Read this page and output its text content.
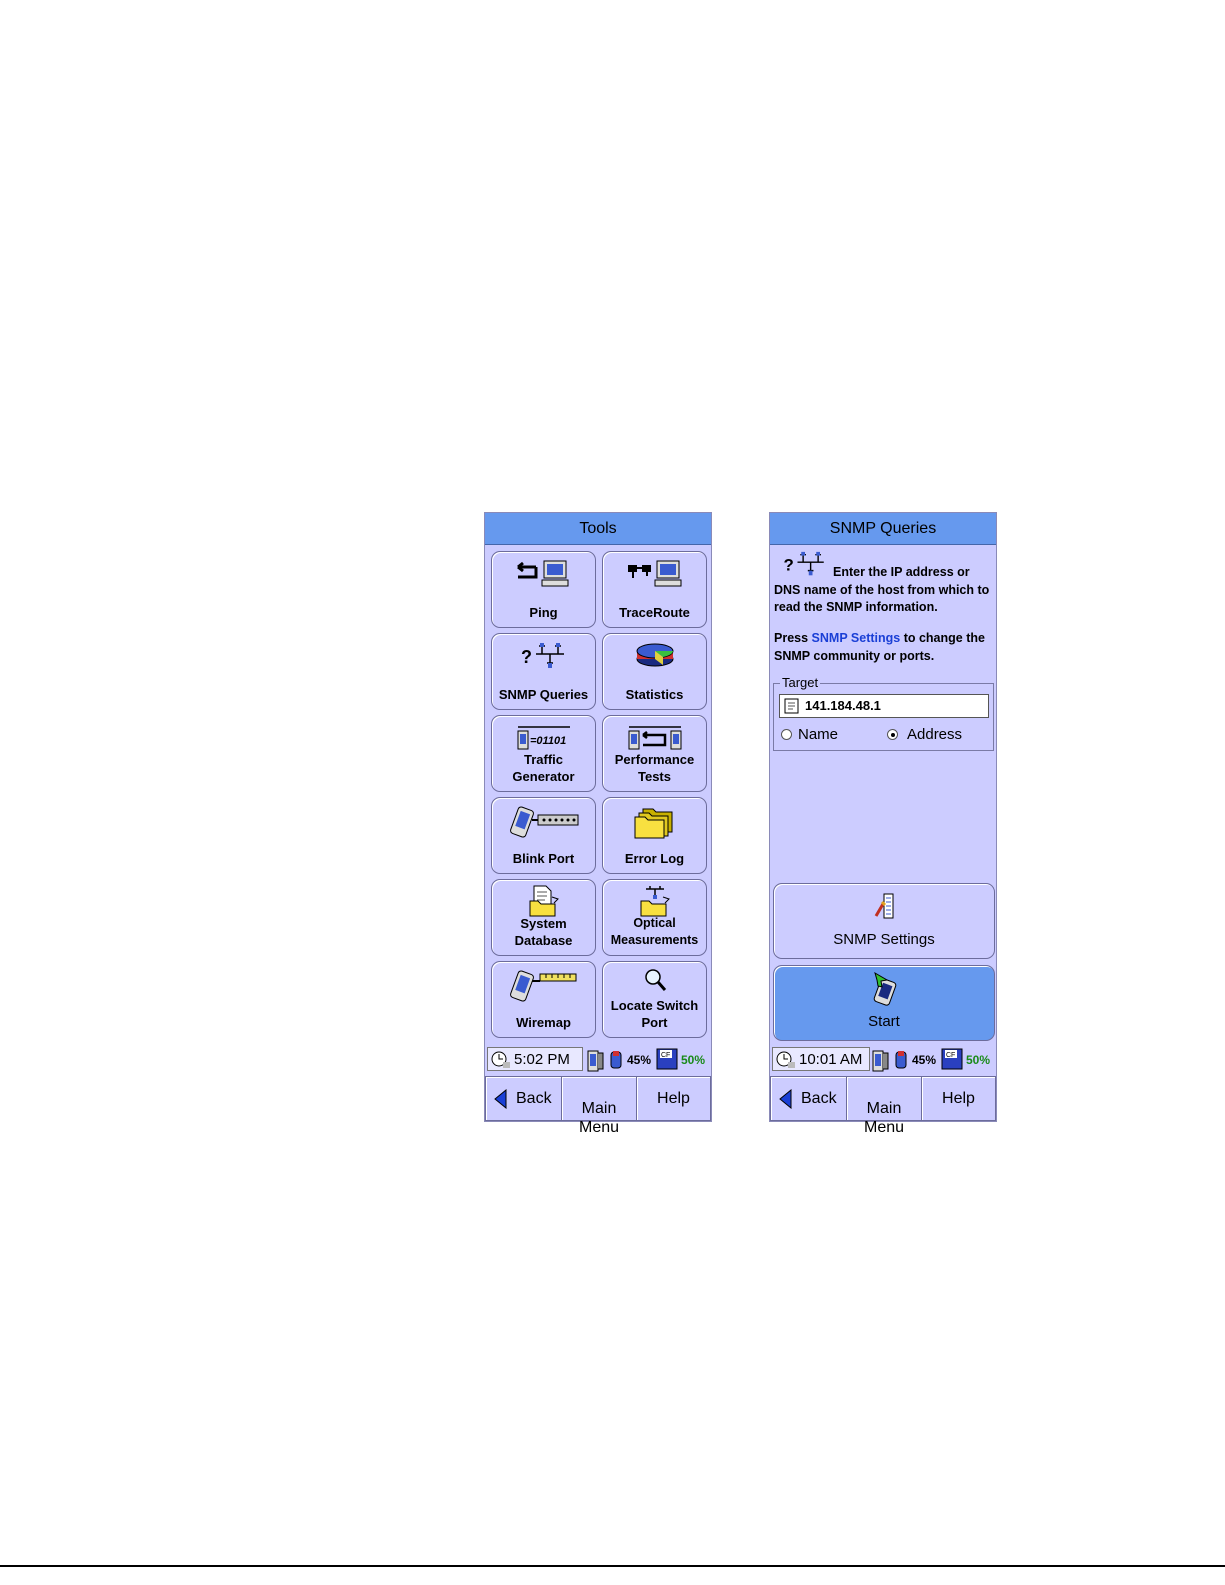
Tools
Ping	TraceRoute
?
SNMP Queries	Statistics
=01101
Traffic
Generator
Performance
Tests
Blink Port	Error Log
System
Database
Optical
Measurements
Wiremap
Locate Switch
Port
5:02 PM	45% CF 50%
Back

Main
Menu

Help
SNMP Queries
?	Enter the IP address or DNS name of the host from which to read the SNMP information.
Press SNMP Settings to change the SNMP community or ports.
Target
141.184.48.1
Name	Address
SNMP Settings
Start
10:01 AM	45% CF 50%
Back

Main
Menu

Help
